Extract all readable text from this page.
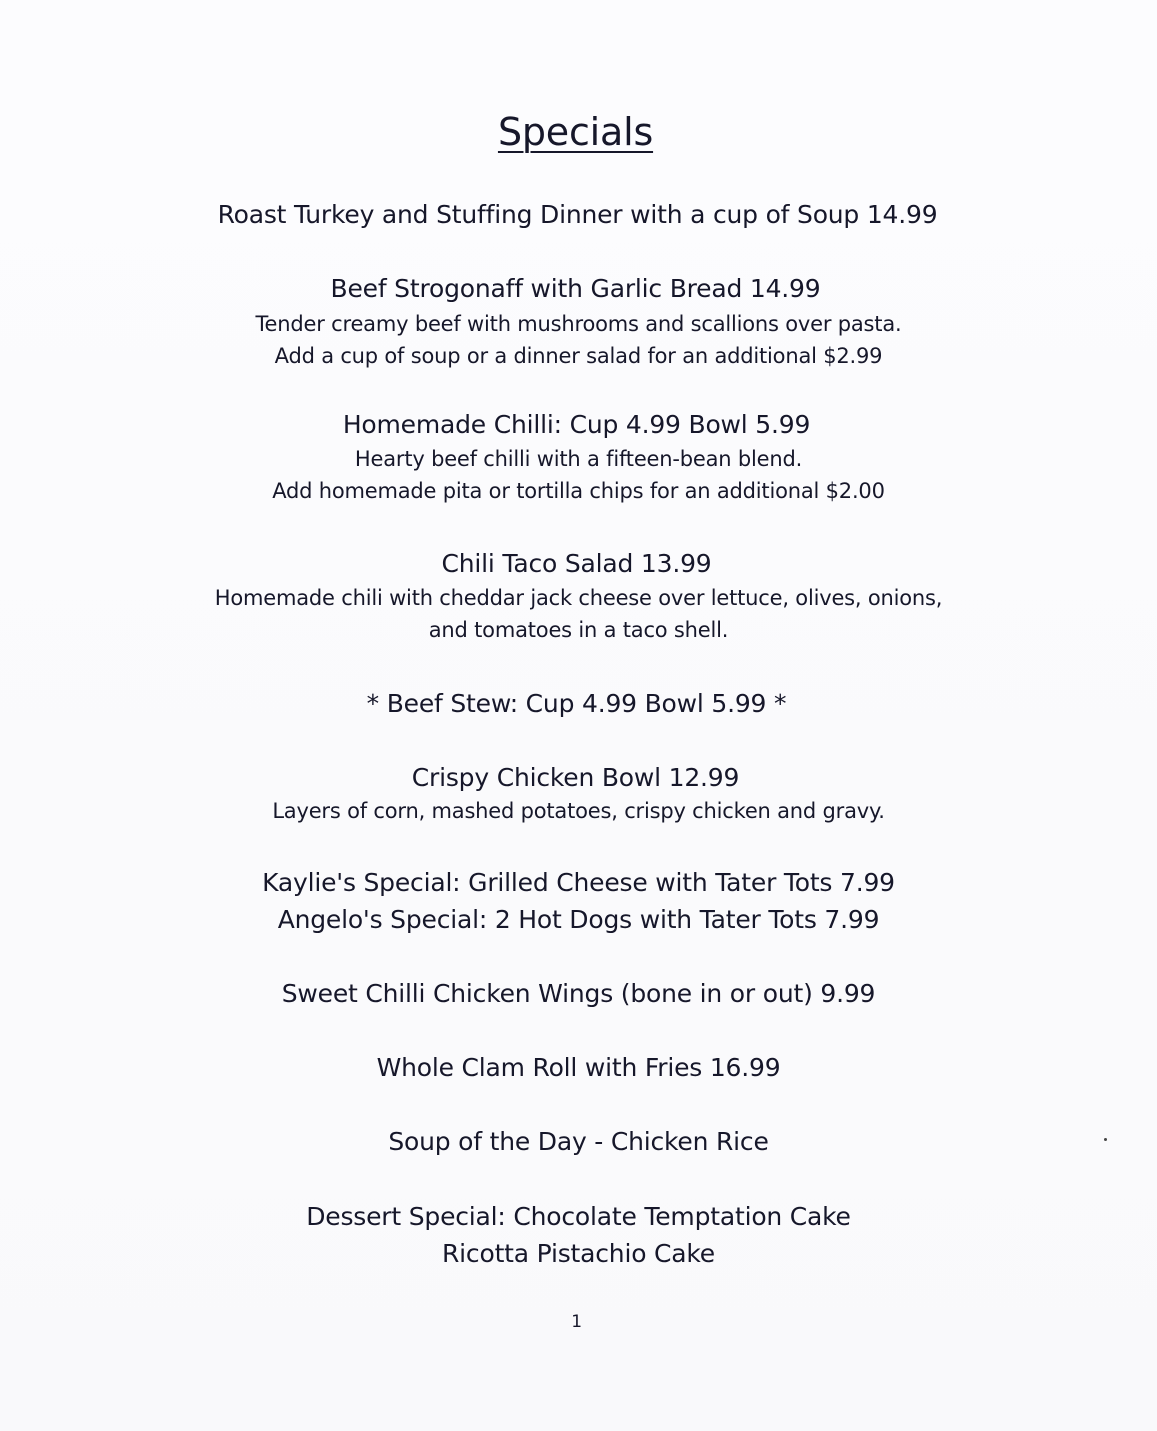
Specials
Roast Turkey and Stuffing Dinner with a cup of Soup 14.99
Beef Strogonaff with Garlic Bread 14.99
Tender creamy beef with mushrooms and scallions over pasta.
Add a cup of soup or a dinner salad for an additional $2.99
Homemade Chilli: Cup 4.99 Bowl 5.99
Hearty beef chilli with a fifteen-bean blend.
Add homemade pita or tortilla chips for an additional $2.00
Chili Taco Salad 13.99
Homemade chili with cheddar jack cheese over lettuce, olives, onions,
and tomatoes in a taco shell.
* Beef Stew: Cup 4.99 Bowl 5.99 *
Crispy Chicken Bowl 12.99
Layers of corn, mashed potatoes, crispy chicken and gravy.
Kaylie's Special: Grilled Cheese with Tater Tots 7.99
Angelo's Special: 2 Hot Dogs with Tater Tots 7.99
Sweet Chilli Chicken Wings (bone in or out) 9.99
Whole Clam Roll with Fries 16.99
Soup of the Day - Chicken Rice
Dessert Special: Chocolate Temptation Cake
Ricotta Pistachio Cake
1
